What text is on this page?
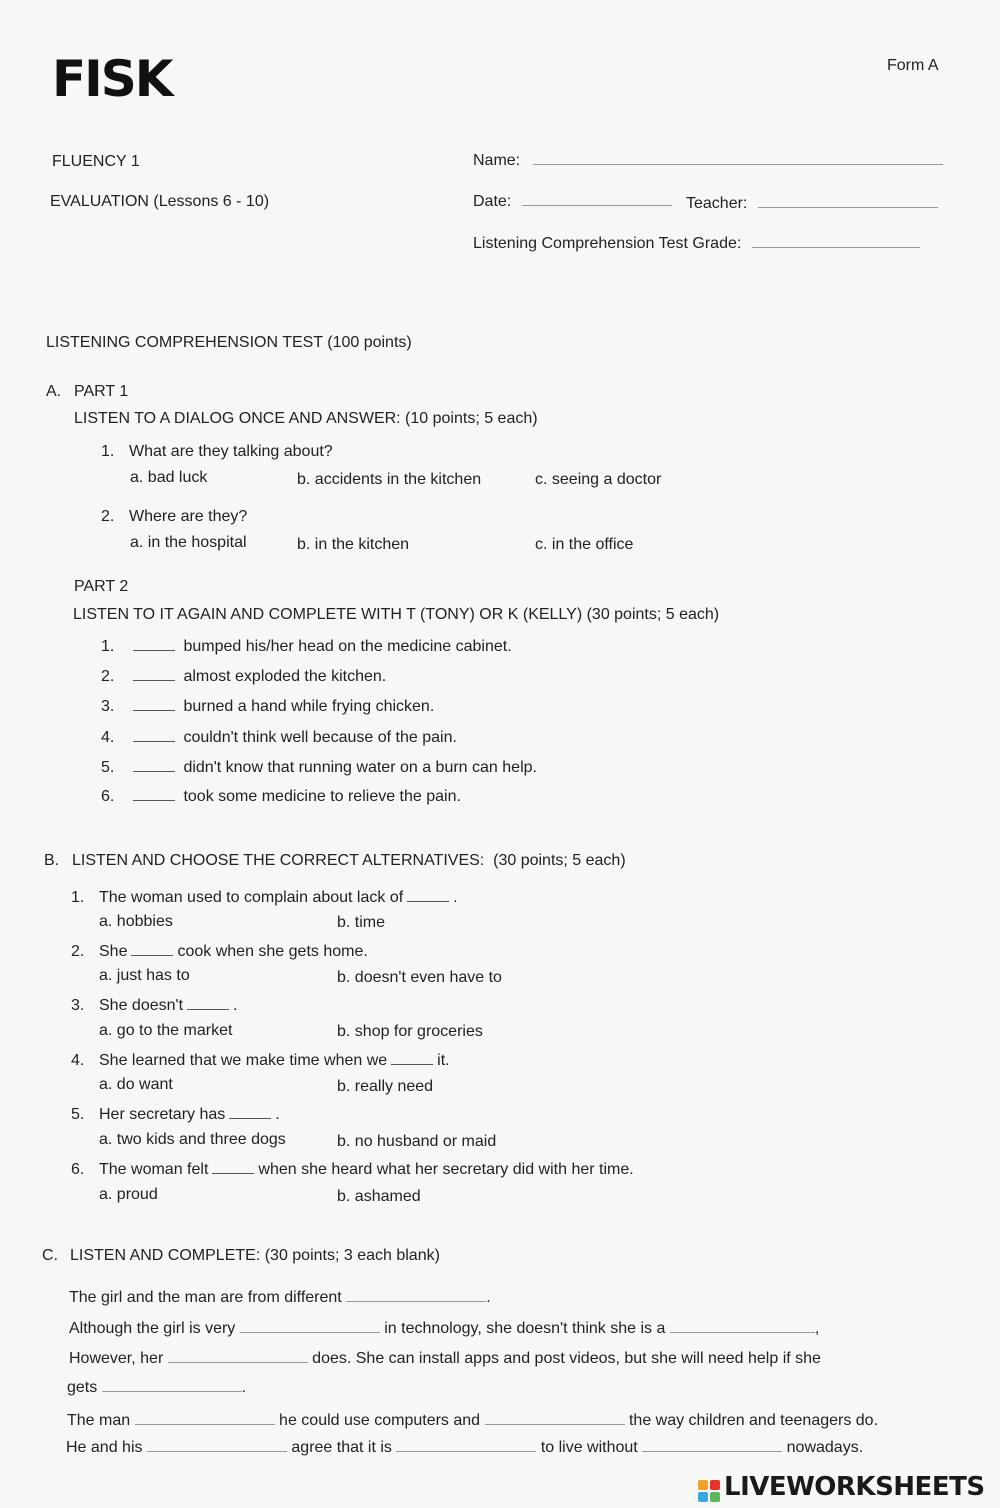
FISK	Form A
FLUENCY 1
EVALUATION (Lessons 6 - 10)
Name:
Date:	Teacher:
Listening Comprehension Test Grade:
LISTENING COMPREHENSION TEST (100 points)
A. PART 1
LISTEN TO A DIALOG ONCE AND ANSWER: (10 points; 5 each)
1. What are they talking about?
a. bad luck	b. accidents in the kitchen	c. seeing a doctor
2. Where are they?
a. in the hospital	b. in the kitchen	c. in the office
PART 2
LISTEN TO IT AGAIN AND COMPLETE WITH T (TONY) OR K (KELLY) (30 points; 5 each)
1.	bumped his/her head on the medicine cabinet.
2.	almost exploded the kitchen.
3.	burned a hand while frying chicken.
4.	couldn't think well because of the pain.
5.	didn't know that running water on a burn can help.
6.	took some medicine to relieve the pain.
B. LISTEN AND CHOOSE THE CORRECT ALTERNATIVES: (30 points; 5 each)
1. The woman used to complain about lack of	.
a. hobbies	b. time
2. She	cook when she gets home.
a. just has to	b. doesn't even have to
3. She doesn't	.
a. go to the market	b. shop for groceries
4. She learned that we make time when we	it.
a. do want	b. really need
5. Her secretary has	.
a. two kids and three dogs	b. no husband or maid
6. The woman felt	when she heard what her secretary did with her time.
a. proud	b. ashamed
C. LISTEN AND COMPLETE: (30 points; 3 each blank)
The girl and the man are from different	.
Although the girl is very	in technology, she doesn't think she is a	,
However, her	does. She can install apps and post videos, but she will need help if she
gets	.
The man	he could use computers and	the way children and teenagers do.
He and his	agree that it is	to live without	nowadays.
LIVEWORKSHEETS
